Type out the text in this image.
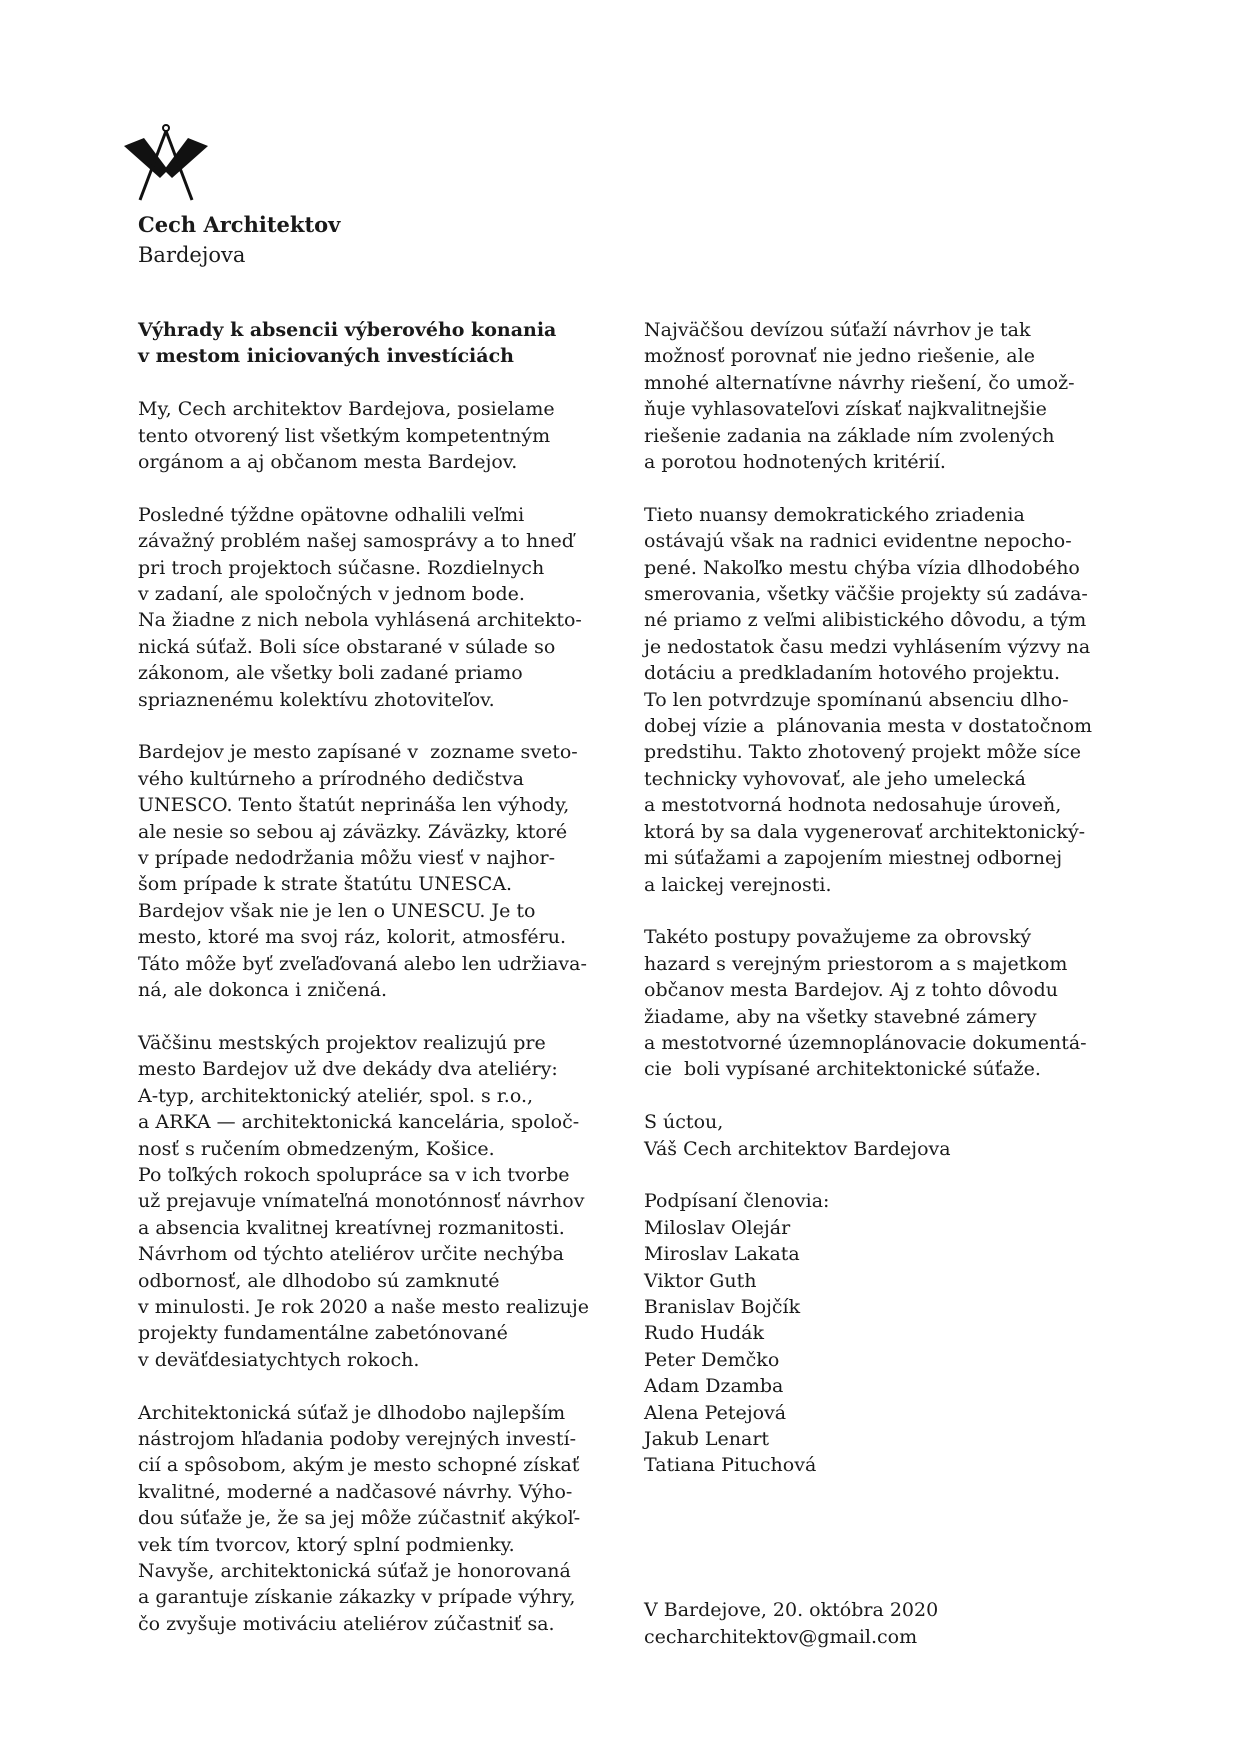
Cech Architektov
Bardejova
Výhrady k absencii výberového konania
v mestom iniciovaných investíciách
My, Cech architektov Bardejova, posielame
tento otvorený list všetkým kompetentným
orgánom a aj občanom mesta Bardejov.
Posledné týždne opätovne odhalili veľmi
závažný problém našej samosprávy a to hneď
pri troch projektoch súčasne. Rozdielnych
v zadaní, ale spoločných v jednom bode.
Na žiadne z nich nebola vyhlásená architekto-
nická súťaž. Boli síce obstarané v súlade so
zákonom, ale všetky boli zadané priamo
spriaznenému kolektívu zhotoviteľov.
Bardejov je mesto zapísané v  zozname sveto-
vého kultúrneho a prírodného dedičstva
UNESCO. Tento štatút neprináša len výhody,
ale nesie so sebou aj záväzky. Záväzky, ktoré
v prípade nedodržania môžu viesť v najhor-
šom prípade k strate štatútu UNESCA.
Bardejov však nie je len o UNESCU. Je to
mesto, ktoré ma svoj ráz, kolorit, atmosféru.
Táto môže byť zveľaďovaná alebo len udržiava-
ná, ale dokonca i zničená.
Väčšinu mestských projektov realizujú pre
mesto Bardejov už dve dekády dva ateliéry:
A-typ, architektonický ateliér, spol. s r.o.,
a ARKA — architektonická kancelária, spoloč-
nosť s ručením obmedzeným, Košice.
Po toľkých rokoch spolupráce sa v ich tvorbe
už prejavuje vnímateľná monotónnosť návrhov
a absencia kvalitnej kreatívnej rozmanitosti.
Návrhom od týchto ateliérov určite nechýba
odbornosť, ale dlhodobo sú zamknuté
v minulosti. Je rok 2020 a naše mesto realizuje
projekty fundamentálne zabetónované
v deväťdesiatychtych rokoch.
Architektonická súťaž je dlhodobo najlepším
nástrojom hľadania podoby verejných investí-
cií a spôsobom, akým je mesto schopné získať
kvalitné, moderné a nadčasové návrhy. Výho-
dou súťaže je, že sa jej môže zúčastniť akýkoľ-
vek tím tvorcov, ktorý splní podmienky.
Navyše, architektonická súťaž je honorovaná
a garantuje získanie zákazky v prípade výhry,
čo zvyšuje motiváciu ateliérov zúčastniť sa.
Najväčšou devízou súťaží návrhov je tak
možnosť porovnať nie jedno riešenie, ale
mnohé alternatívne návrhy riešení, čo umož-
ňuje vyhlasovateľovi získať najkvalitnejšie
riešenie zadania na základe ním zvolených
a porotou hodnotených kritérií.
Tieto nuansy demokratického zriadenia
ostávajú však na radnici evidentne nepocho-
pené. Nakoľko mestu chýba vízia dlhodobého
smerovania, všetky väčšie projekty sú zadáva-
né priamo z veľmi alibistického dôvodu, a tým
je nedostatok času medzi vyhlásením výzvy na
dotáciu a predkladaním hotového projektu.
To len potvrdzuje spomínanú absenciu dlho-
dobej vízie a  plánovania mesta v dostatočnom
predstihu. Takto zhotovený projekt môže síce
technicky vyhovovať, ale jeho umelecká
a mestotvorná hodnota nedosahuje úroveň,
ktorá by sa dala vygenerovať architektonický-
mi súťažami a zapojením miestnej odbornej
a laickej verejnosti.
Takéto postupy považujeme za obrovský
hazard s verejným priestorom a s majetkom
občanov mesta Bardejov. Aj z tohto dôvodu
žiadame, aby na všetky stavebné zámery
a mestotvorné územnoplánovacie dokumentá-
cie  boli vypísané architektonické súťaže.
S úctou,
Váš Cech architektov Bardejova
Podpísaní členovia:
Miloslav Olejár
Miroslav Lakata
Viktor Guth
Branislav Bojčík
Rudo Hudák
Peter Demčko
Adam Dzamba
Alena Petejová
Jakub Lenart
Tatiana Pituchová
V Bardejove, 20. októbra 2020
cecharchitektov@gmail.com
